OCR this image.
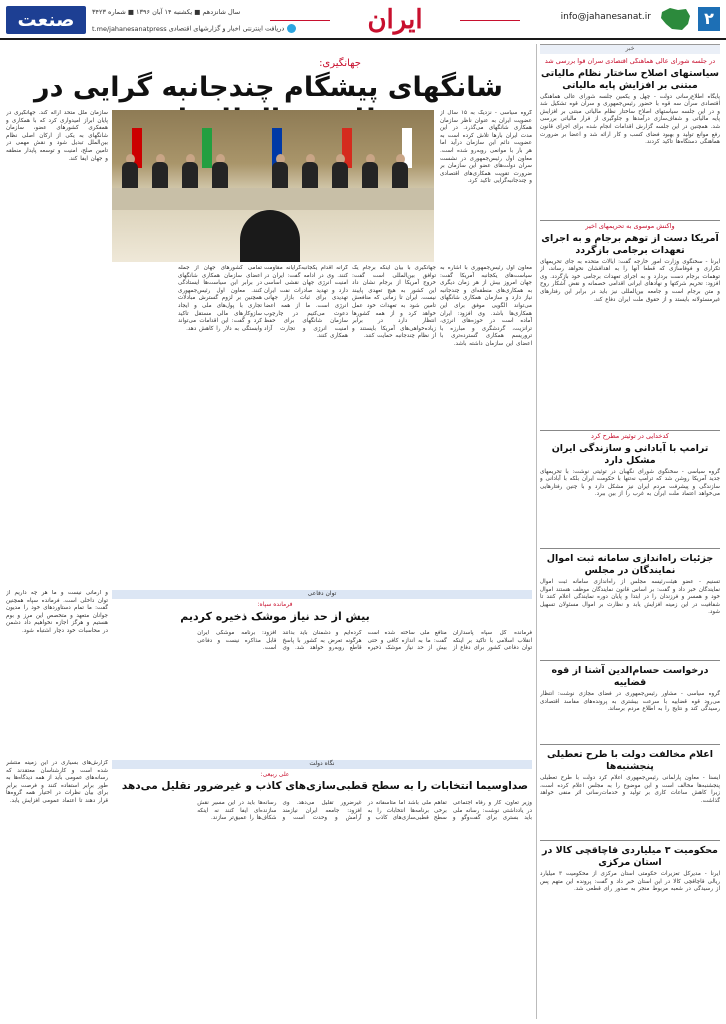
۲
info@jahanesanat.ir
ایران
سال شانزدهم ■ یکشنبه ۱۴ آبان ۱۳۹۶ ■ شماره ۳۴۲۳
دریافت اینترنتی اخبار و گزارشهای اقتصادی t.me/jahanesanatpress
صنعت
خبر
در جلسه شورای عالی هماهنگی اقتصادی سران قوا بررسی شد
سیاستهای اصلاح ساختار نظام مالیاتی مبتنی بر افزایش پایه مالیاتی
پایگاه اطلاع‌رسانی دولت - چهل و یکمین جلسه شورای عالی هماهنگی اقتصادی سران سه قوه با حضور رئیس‌جمهوری و سران قوه تشکیل شد و در این جلسه سیاستهای اصلاح ساختار نظام مالیاتی مبتنی بر افزایش پایه مالیاتی و شفاف‌سازی درآمدها و جلوگیری از فرار مالیاتی بررسی شد. همچنین در این جلسه گزارش اقدامات انجام شده برای اجرای قانون رفع موانع تولید و بهبود فضای کسب و کار ارائه شد و اعضا بر ضرورت هماهنگی دستگاه‌ها تاکید کردند.
واکنش موسوی به تحریمهای اخیر
آمریکا دست از توهم برجام و به اجرای تعهدات برجامی بازگردد
ایرنا - سخنگوی وزارت امور خارجه گفت: ایالات متحده به جای تحریمهای تکراری و فوفاسازی که قطعا آنها را به اهدافشان نخواهد رساند، از توهمات برجام دست بردارد و به اجرای تعهدات برجامی خود بازگردد. وی افزود: تحریم شرکتها و نهادهای ایرانی اقدامی خصمانه و نقض آشکار روح و متن برجام است و جامعه بین‌المللی نیز باید در برابر این رفتارهای غیرمسئولانه بایستد و از حقوق ملت ایران دفاع کند.
کدخدایی در توئیتر مطرح کرد
ترامپ با آبادانی و سازندگی ایران مشکل دارد
گروه سیاسی - سخنگوی شورای نگهبان در توئیتی نوشت: با تحریمهای جدید آمریکا روشن شد که ترامپ نه‌تنها با حکومت ایران بلکه با آبادانی و سازندگی و پیشرفت مردم ایران نیز مشکل دارد و با چنین رفتارهایی می‌خواهد اعتماد ملت ایران به غرب را از بین ببرد.
جزئیات راه‌اندازی سامانه ثبت اموال نمایندگان در مجلس
تسنیم - عضو هیئت‌رئیسه مجلس از راه‌اندازی سامانه ثبت اموال نمایندگان خبر داد و گفت: بر اساس قانون نمایندگان موظف هستند اموال خود و همسر و فرزندان را در ابتدا و پایان دوره نمایندگی اعلام کنند تا شفافیت در این زمینه افزایش یابد و نظارت بر اموال مسئولان تسهیل شود.
درخواست حسام‌الدین آشنا از قوه قضاییه
گروه سیاسی - مشاور رئیس‌جمهوری در فضای مجازی نوشت: انتظار می‌رود قوه قضاییه با سرعت بیشتری به پرونده‌های مفاسد اقتصادی رسیدگی کند و نتایج را به اطلاع مردم برساند.
اعلام مخالفت دولت با طرح تعطیلی پنجشنبه‌ها
ایسنا - معاون پارلمانی رئیس‌جمهوری اعلام کرد دولت با طرح تعطیلی پنجشنبه‌ها مخالف است و این موضوع را به مجلس اعلام کرده است، زیرا کاهش ساعات کاری بر تولید و خدمات‌رسانی اثر منفی خواهد گذاشت.
محکومیت ۳ میلیاردی قاچاقچی کالا در استان مرکزی
ایرنا - مدیرکل تعزیرات حکومتی استان مرکزی از محکومیت ۳ میلیارد ریالی قاچاقچی کالا در این استان خبر داد و گفت: پرونده این متهم پس از رسیدگی در شعبه مربوط منجر به صدور رای قطعی شد.
جهانگیری:
شانگهای پیشگام چندجانبه گرایی در
گروه سیاسی - نزدیک به ۱۵ سال از عضویت ایران به عنوان ناظر سازمان همکاری شانگهای می‌گذرد. در این مدت ایران بارها تلاش کرده است به عضویت دائم این سازمان درآید اما هر بار با موانعی روبه‌رو شده است. معاون اول رئیس‌جمهوری در نشست سران دولت‌های عضو این سازمان بر ضرورت تقویت همکاری‌های اقتصادی و چندجانبه‌گرایی تاکید کرد.
معاون اول رئیس‌جمهوری با اشاره به سیاست‌های یکجانبه آمریکا گفت: جهان امروز بیش از هر زمان دیگری به همکاری‌های منطقه‌ای و چندجانبه نیاز دارد و سازمان همکاری شانگهای می‌تواند الگویی موفق برای این همکاری‌ها باشد. وی افزود: ایران آماده است در حوزه‌های انرژی، ترانزیت، گردشگری و مبارزه با تروریسم همکاری گسترده‌تری با اعضای این سازمان داشته باشد.
جهانگیری با بیان اینکه برجام یک توافق بین‌المللی است گفت: خروج آمریکا از برجام نشان داد این کشور به هیچ تعهدی پایبند نیست. ایران تا زمانی که منافعش تامین شود به تعهدات خود عمل خواهد کرد و از همه کشورها انتظار دارد در برابر زیاده‌خواهی‌های آمریکا بایستند و از نظام چندجانبه حمایت کنند.
گرانه اقدام یکجانبه‌گرایانه مقاومت کنند. وی در ادامه گفت: ایران در امنیت انرژی جهان نقشی اساسی دارد و تهدید صادرات نفت ایران تهدیدی برای ثبات بازار جهانی انرژی است. ما از همه اعضا دعوت می‌کنیم در چارچوب سازمان شانگهای برای حفظ امنیت انرژی و تجارت آزاد همکاری کنند.
تمامی کشورهای جهان از جمله اعضای سازمان همکاری شانگهای در برابر این سیاست‌ها ایستادگی کنند. معاون اول رئیس‌جمهوری همچنین بر لزوم گسترش مبادلات تجاری با پول‌های ملی و ایجاد سازوکارهای مالی مستقل تاکید کرد و گفت: این اقدامات می‌تواند وابستگی به دلار را کاهش دهد.
سازمان ملل متحد ارائه کند. جهانگیری در پایان ابراز امیدواری کرد که با همکاری و همفکری کشورهای عضو، سازمان شانگهای به یکی از ارکان اصلی نظام بین‌الملل تبدیل شود و نقش مهمی در تامین صلح، امنیت و توسعه پایدار منطقه و جهان ایفا کند.
توان دفاعی
فرمانده سپاه:
بیش از حد نیاز موشک ذخیره کردیم
فرمانده کل سپاه پاسداران انقلاب اسلامی با تاکید بر اینکه توان دفاعی کشور برای دفاع از منافع ملی ساخته شده است گفت: ما به اندازه کافی و حتی بیش از حد نیاز موشک ذخیره کرده‌ایم و دشمنان باید بدانند هرگونه تعرض به کشور با پاسخ قاطع روبه‌رو خواهد شد. وی افزود: برنامه موشکی ایران قابل مذاکره نیست و دفاعی است.
و آرمانی نیست و ما هر چه داریم از توان داخلی است. فرمانده سپاه همچنین گفت: ما تمام دستاوردهای خود را مدیون جوانان متعهد و متخصص این مرز و بوم هستیم و هرگز اجازه نخواهیم داد دشمن در محاسبات خود دچار اشتباه شود.
نگاه دولت
علی ربیعی:
صداوسیما انتخابات را به سطح قطبی‌سازی‌های کاذب و غیرضرور تقلیل می‌دهد
وزیر تعاون، کار و رفاه اجتماعی در یادداشتی نوشت: رسانه ملی باید بستری برای گفت‌وگو و تفاهم ملی باشد اما متاسفانه در برخی برنامه‌ها انتخابات را به سطح قطبی‌سازی‌های کاذب و غیرضرور تقلیل می‌دهد. وی افزود: جامعه ایران نیازمند آرامش و وحدت است و رسانه‌ها باید در این مسیر نقش سازنده‌ای ایفا کنند نه اینکه شکاف‌ها را عمیق‌تر سازند.
گزارش‌های بسیاری در این زمینه منتشر شده است و کارشناسان معتقدند که رسانه‌های عمومی باید از همه دیدگاه‌ها به طور برابر استفاده کنند و فرصت برابر برای بیان نظرات در اختیار همه گروه‌ها قرار دهند تا اعتماد عمومی افزایش یابد.
